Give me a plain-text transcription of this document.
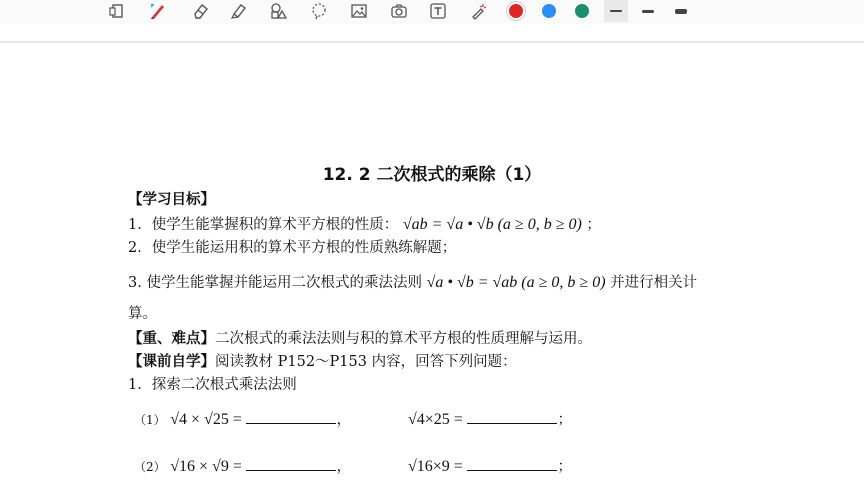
12. 2 二次根式的乘除（1）
【学习目标】
1．使学生能掌握积的算术平方根的性质： √ab = √a • √b (a ≥ 0, b ≥ 0) ；
2．使学生能运用积的算术平方根的性质熟练解题；
3. 使学生能掌握并能运用二次根式的乘法法则 √a • √b = √ab (a ≥ 0, b ≥ 0) 并进行相关计
算。
【重、难点】二次根式的乘法法则与积的算术平方根的性质理解与运用。
【课前自学】阅读教材 P152～P153 内容，回答下列问题：
1．探索二次根式乘法法则
（1） √4 × √25 =	，	√4×25 =	；
（2） √16 × √9 =	，	√16×9 =	；
